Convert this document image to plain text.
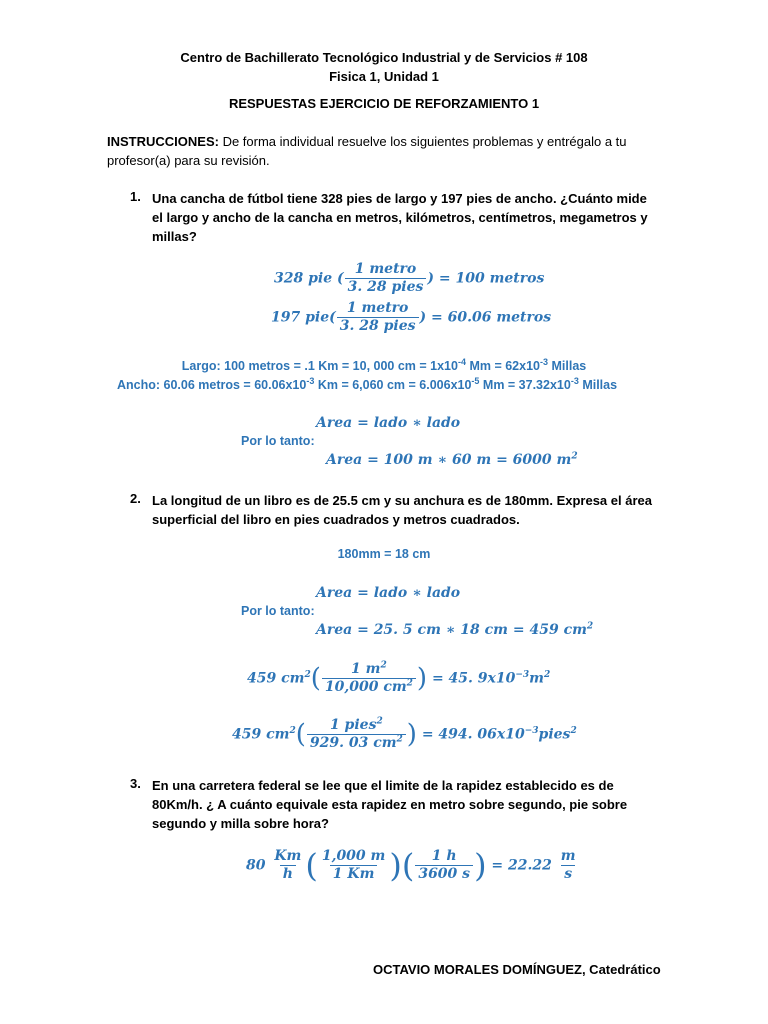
Centro de Bachillerato Tecnológico Industrial y de Servicios # 108
Fisica 1, Unidad 1
RESPUESTAS EJERCICIO DE REFORZAMIENTO 1
INSTRUCCIONES: De forma individual resuelve los siguientes problemas y entrégalo a tu
profesor(a) para su revisión.
1. Una cancha de fútbol tiene 328 pies de largo y 197 pies de ancho. ¿Cuánto mide
el largo y ancho de la cancha en metros, kilómetros, centímetros, megametros y
millas?
328 pie ( $\frac{\text{1 metro}}{\text{3. 28 pies}}$ ) = 100 metros
197 $pie( \frac{\text{1 metro}}{\text{3. 28 pies}}$ ) = 60.06 metros
Largo: 100 metros = .1 Km = 10, 000 cm = $1x10^{-4}$ $Mm = 62x10^{-3}$ Millas
Ancho: 60.06 metros = $60.06x10^{-3}$ Km = 6,060 cm = $6.006x10^{-5}$ $Mm = 37.32x10^{-3}$ Millas
Area = lado ∗ lado
Por lo tanto:
Area = 100 m ∗ 60 m = 6000 $m^2$
2. La longitud de un libro es de 25.5 cm y su anchura es de 180mm. Expresa el área
superficial del libro en pies cuadrados y metros cuadrados.
180mm = 18 cm
Area = lado ∗ lado
Por lo tanto:
Area = 25. 5 cm ∗ 18 cm = 459 $cm^2$
459 $cm^2( \frac{1 m^2}{10,000 cm^2}$ ) = 45. $9x10^{-3}m^2$
459 $cm^2( \frac{1 pies^2}{929. 03 cm^2}$ ) = 494. $06x10^{-3}pies^2$
3. En una carretera federal se lee que el limite de la rapidez establecido es de
80Km/h. ¿ A cuánto equivale esta rapidez en metro sobre segundo, pie sobre
segundo y milla sobre hora?
$80 \frac{Km}{h}$ ( $\frac{1,000 m}{1 Km}$ )( $\frac{1 h}{3600 s}$ ) = $22.22 \frac{m}{s}$
OCTAVIO MORALES DOMÍNGUEZ, Catedrático
